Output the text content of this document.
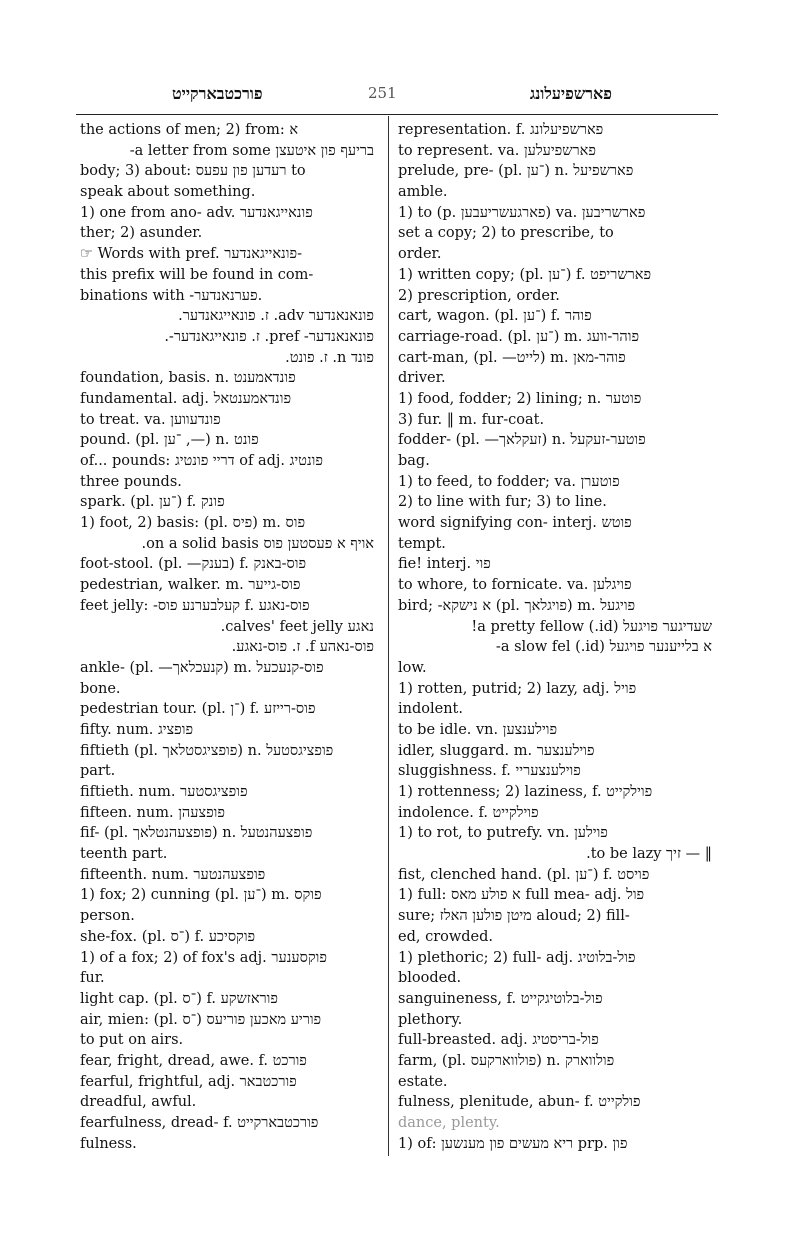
פורכטבארקייט	251	פארשפיעלונג
the actions of men; 2) from: א
בריעף פון איטעצן a letter from some-
body; 3) about: רעדען פון עפעס to
speak about something.
1) one from ano- adv. פונאייגאנדער
ther; 2) asunder.
☞ Words with pref. פונאייגאנדער-
this prefix will be found in com-
binations with -פערנאנדער.
פונאנאנדער adv. ז. פונאייגאנדער.
פונאנאנדער- pref. ז. פונאייגאנדער-.
פונד n. ז. פונט.
foundation, basis. n. פונדאמענט
fundamental. adj. פונדאמענטאל
to treat. va. פונדעווען
pound. (pl. ־ען ,—) n. פונט
of... pounds: דריי פונטיג of adj. פונטיג
three pounds.
spark. (pl. ־ען) f. פונק
1) foot, 2) basis: (pl. פיס) m. פוס
אויף א פעסטען פוס on a solid basis.
foot-stool. (pl. —בענק) f. פוס-באנק
pedestrian, walker. m. פוס-גייער
feet jelly: -קעלבערנע פוס f. פוס-נאגע
נאגע calves' feet jelly.
פוס-נאהע f. ז. פוס-נאגע.
ankle- (pl. —קנעכלאך) m. פוס-קנעכעל
bone.
pedestrian tour. (pl. ־ן) f. פוס-רייזע
fifty. num. פופציג
fiftieth (pl. פופציגסטלאך) n. פופציגסטעל
part.
fiftieth. num. פופציגסטער
fifteen. num. פופצעהן
fif- (pl. פופצעהנטלאך) n. פופצעהנטעל
teenth part.
fifteenth. num. פופצעהנטער
1) fox; 2) cunning (pl. ־ען) m. פוקס
person.
she-fox. (pl. ־ס) f. פוקסיכע
1) of a fox; 2) of fox's adj. פוקסענער
fur.
light cap. (pl. ־ס) f. פוראזשקע
air, mien: (pl. ־ס) פוריע מאכען פוריעס
to put on airs.
fear, fright, dread, awe. f. פורכט
fearful, frightful, adj. פורכטבאר
dreadful, awful.
fearfulness, dread- f. פורכטבארקייט
fulness.
representation. f. פארשפיעלונג
to represent. va. פארשפיעלען
prelude, pre- (pl. ־ען) n. פארשפיעל
amble.
1) to (p. פארגעשריעבען) va. פארשריבען
set a copy; 2) to prescribe, to
order.
1) written copy; (pl. ־ען) f. פארשריפט
2) prescription, order.
cart, wagon. (pl. ־ען) f. פוהר
carriage-road. (pl. ־ען) m. פוהר-וועג
cart-man, (pl. —לייט) m. פוהר-מאן
driver.
1) food, fodder; 2) lining; n. פוטער
3) fur. ‖ m. fur-coat.
fodder- (pl. —זעקלאך) n. פוטער-זעקעל
bag.
1) to feed, to fodder; va. פוטערן
2) to line with fur; 3) to line.
word signifying con- interj. פוטש
tempt.
fie! interj. פוי
to whore, to fornicate. va. פויגלען
bird; -א נישקא (pl. פויגלאך) m. פויגעל
שעדיגער פויגעל (id.) a pretty fellow!
א בלייענער פויגעל (id.) a slow fel-
low.
1) rotten, putrid; 2) lazy, adj. פויל
indolent.
to be idle. vn. פוילענצען
idler, sluggard. m. פוילענצער
sluggishness. f. פוילענצעריי
1) rottenness; 2) laziness, f. פוילקייט
indolence. f. פוילקייט
1) to rot, to putrefy. vn. פוילען
‖ — זיך to be lazy.
fist, clenched hand. (pl. ־ען) f. פויסט
1) full: א פולע מאס full mea- adj. פול
sure; מיטן פולען האלז aloud; 2) fill-
ed, crowded.
1) plethoric; 2) full- adj. פול-בלוטיג
blooded.
sanguineness, f. פול-בלוטיגקייט
plethory.
full-breasted. adj. פול-בריסטיג
farm, (pl. פולווארקעס) n. פולווארק
estate.
fulness, plenitude, abun- f. פולקייט
dance, plenty.
1) of: ריא מעשים פון מענשען prp. פון
